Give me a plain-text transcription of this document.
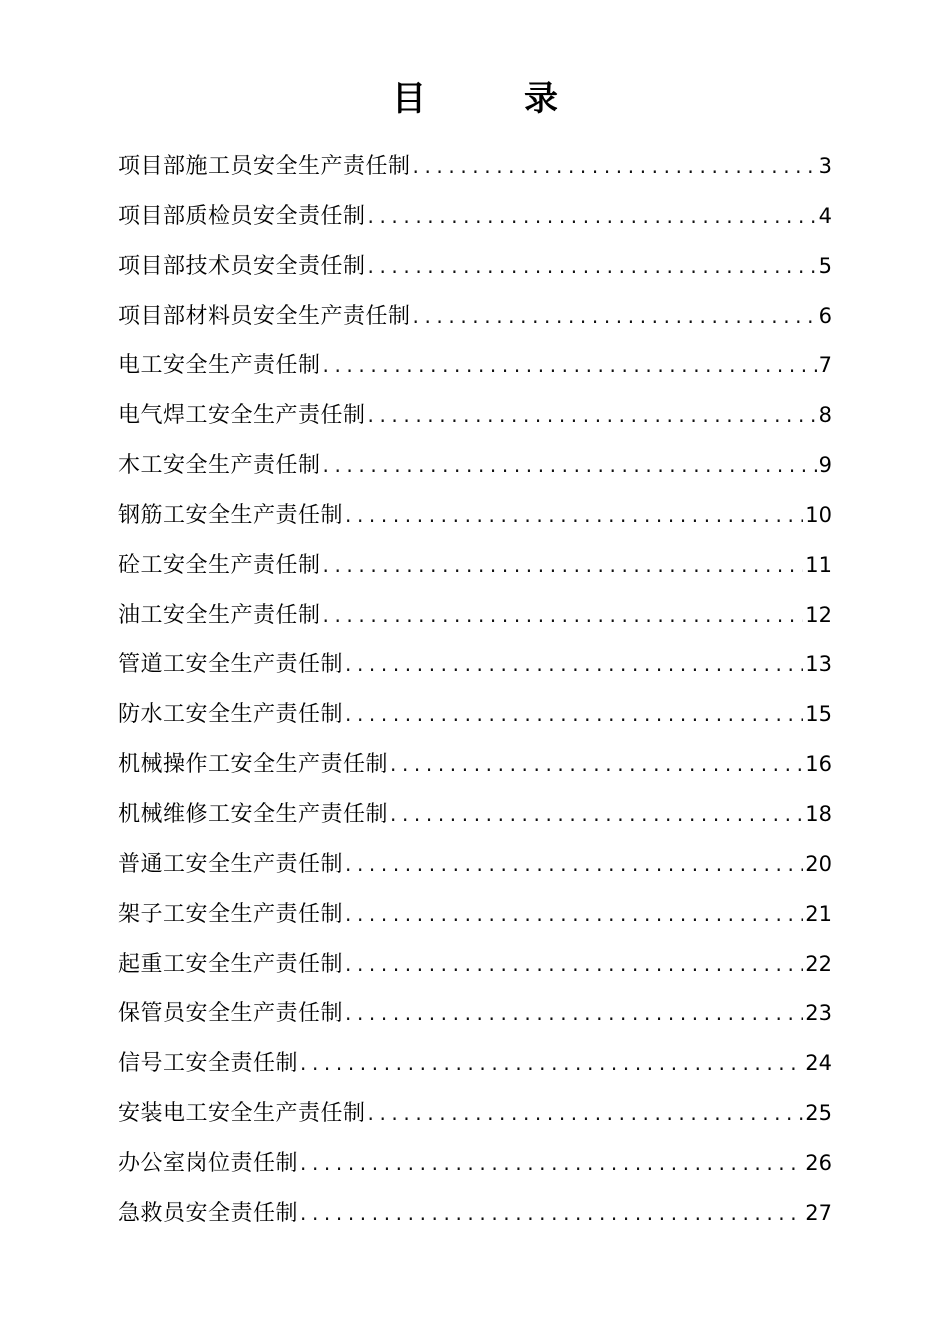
目　录
项目部施工员安全生产责任制 .....	3
项目部质检员安全责任制 .....	4
项目部技术员安全责任制 .....	5
项目部材料员安全生产责任制 .....	6
电工安全生产责任制 .....	7
电气焊工安全生产责任制 .....	8
木工安全生产责任制 .....	9
钢筋工安全生产责任制 .....	10
砼工安全生产责任制 .....	11
油工安全生产责任制 .....	12
管道工安全生产责任制 .....	13
防水工安全生产责任制 .....	15
机械操作工安全生产责任制 .....	16
机械维修工安全生产责任制 .....	18
普通工安全生产责任制 .....	20
架子工安全生产责任制 .....	21
起重工安全生产责任制 .....	22
保管员安全生产责任制 .....	23
信号工安全责任制 .....	24
安装电工安全生产责任制 .....	25
办公室岗位责任制 .....	26
急救员安全责任制 .....	27
